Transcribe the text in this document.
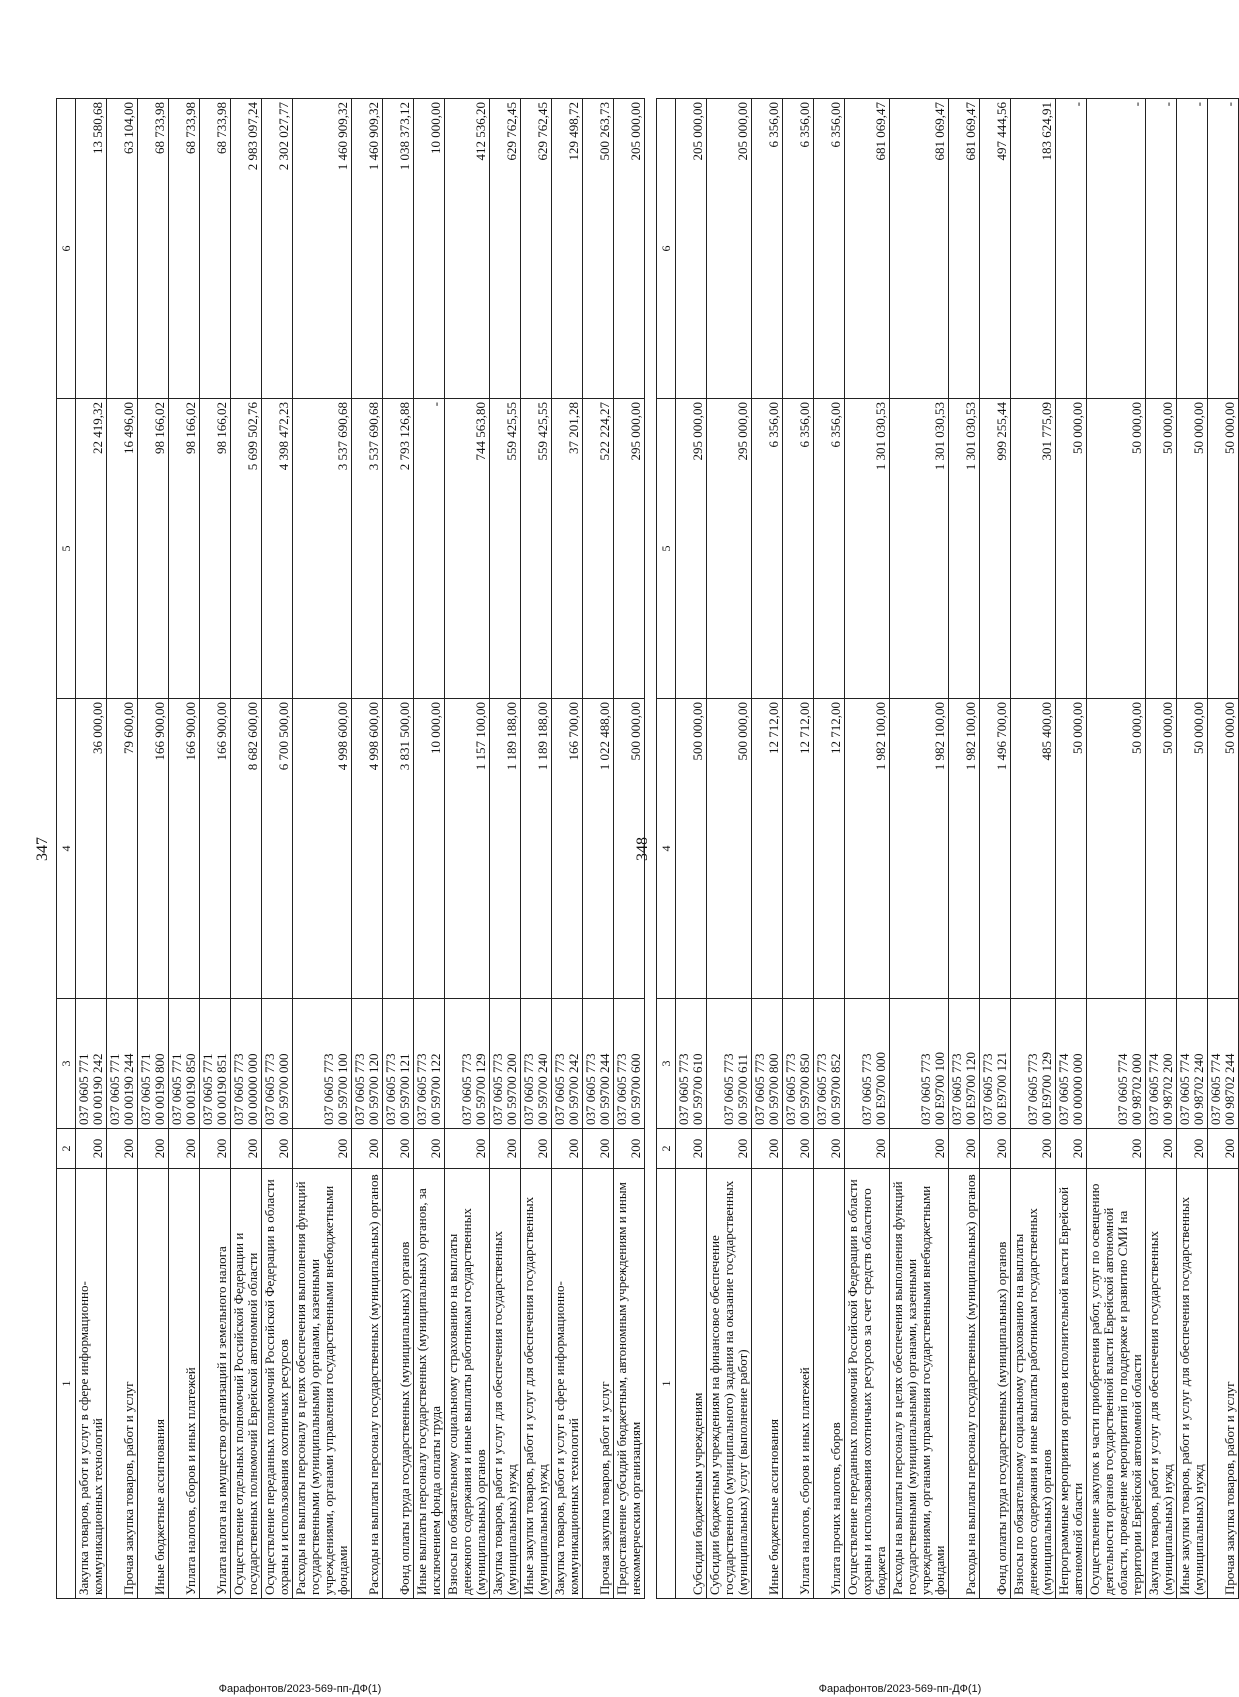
347
1	2	3	4	5	6
Закупка товаров, работ и услуг в сфере информационно-коммуникационных технологий	200	037 0605 771
00 00190 242	36 000,00	22 419,32	13 580,68
Прочая закупка товаров, работ и услуг	200	037 0605 771
00 00190 244	79 600,00	16 496,00	63 104,00
Иные бюджетные ассигнования	200	037 0605 771
00 00190 800	166 900,00	98 166,02	68 733,98
Уплата налогов, сборов и иных платежей	200	037 0605 771
00 00190 850	166 900,00	98 166,02	68 733,98
Уплата налога на имущество организаций и земельного налога	200	037 0605 771
00 00190 851	166 900,00	98 166,02	68 733,98
Осуществление отдельных полномочий Российской Федерации и государственных полномочий Еврейской автономной области	200	037 0605 773
00 00000 000	8 682 600,00	5 699 502,76	2 983 097,24
Осуществление переданных полномочий Российской Федерации в области охраны и использования охотничьих ресурсов	200	037 0605 773
00 59700 000	6 700 500,00	4 398 472,23	2 302 027,77
Расходы на выплаты персоналу в целях обеспечения выполнения функций государственными (муниципальными) органами, казенными учреждениями, органами управления государственными внебюджетными фондами	200	037 0605 773
00 59700 100	4 998 600,00	3 537 690,68	1 460 909,32
Расходы на выплаты персоналу государственных (муниципальных) органов	200	037 0605 773
00 59700 120	4 998 600,00	3 537 690,68	1 460 909,32
Фонд оплаты труда государственных (муниципальных) органов	200	037 0605 773
00 59700 121	3 831 500,00	2 793 126,88	1 038 373,12
Иные выплаты персоналу государственных (муниципальных) органов, за исключением фонда оплаты труда	200	037 0605 773
00 59700 122	10 000,00	-	10 000,00
Взносы по обязательному социальному страхованию на выплаты денежного содержания и иные выплаты работникам государственных (муниципальных) органов	200	037 0605 773
00 59700 129	1 157 100,00	744 563,80	412 536,20
Закупка товаров, работ и услуг для обеспечения государственных (муниципальных) нужд	200	037 0605 773
00 59700 200	1 189 188,00	559 425,55	629 762,45
Иные закупки товаров, работ и услуг для обеспечения государственных (муниципальных) нужд	200	037 0605 773
00 59700 240	1 189 188,00	559 425,55	629 762,45
Закупка товаров, работ и услуг в сфере информационно-коммуникационных технологий	200	037 0605 773
00 59700 242	166 700,00	37 201,28	129 498,72
Прочая закупка товаров, работ и услуг	200	037 0605 773
00 59700 244	1 022 488,00	522 224,27	500 263,73
Предоставление субсидий бюджетным, автономным учреждениям и иным некоммерческим организациям	200	037 0605 773
00 59700 600	500 000,00	295 000,00	205 000,00
Фарафонтов/2023-569-пп-ДФ(1)
348
1	2	3	4	5	6
Субсидии бюджетным учреждениям	200	037 0605 773
00 59700 610	500 000,00	295 000,00	205 000,00
Субсидии бюджетным учреждениям на финансовое обеспечение государственного (муниципального) задания на оказание государственных (муниципальных) услуг (выполнение работ)	200	037 0605 773
00 59700 611	500 000,00	295 000,00	205 000,00
Иные бюджетные ассигнования	200	037 0605 773
00 59700 800	12 712,00	6 356,00	6 356,00
Уплата налогов, сборов и иных платежей	200	037 0605 773
00 59700 850	12 712,00	6 356,00	6 356,00
Уплата прочих налогов, сборов	200	037 0605 773
00 59700 852	12 712,00	6 356,00	6 356,00
Осуществление переданных полномочий Российской Федерации в области охраны и использования охотничьих ресурсов за счет средств областного бюджета	200	037 0605 773
00 Е9700 000	1 982 100,00	1 301 030,53	681 069,47
Расходы на выплаты персоналу в целях обеспечения выполнения функций государственными (муниципальными) органами, казенными учреждениями, органами управления государственными внебюджетными фондами	200	037 0605 773
00 Е9700 100	1 982 100,00	1 301 030,53	681 069,47
Расходы на выплаты персоналу государственных (муниципальных) органов	200	037 0605 773
00 Е9700 120	1 982 100,00	1 301 030,53	681 069,47
Фонд оплаты труда государственных (муниципальных) органов	200	037 0605 773
00 Е9700 121	1 496 700,00	999 255,44	497 444,56
Взносы по обязательному социальному страхованию на выплаты денежного содержания и иные выплаты работникам государственных (муниципальных) органов	200	037 0605 773
00 Е9700 129	485 400,00	301 775,09	183 624,91
Непрограммные мероприятия органов исполнительной власти Еврейской автономной области	200	037 0605 774
00 00000 000	50 000,00	50 000,00	-
Осуществление закупок в части приобретения работ, услуг по освещению деятельности органов государственной власти Еврейской автономной области, проведение мероприятий по поддержке и развитию СМИ на территории Еврейской автономной области	200	037 0605 774
00 98702 000	50 000,00	50 000,00	-
Закупка товаров, работ и услуг для обеспечения государственных (муниципальных) нужд	200	037 0605 774
00 98702 200	50 000,00	50 000,00	-
Иные закупки товаров, работ и услуг для обеспечения государственных (муниципальных) нужд	200	037 0605 774
00 98702 240	50 000,00	50 000,00	-
Прочая закупка товаров, работ и услуг	200	037 0605 774
00 98702 244	50 000,00	50 000,00	-
Фарафонтов/2023-569-пп-ДФ(1)
